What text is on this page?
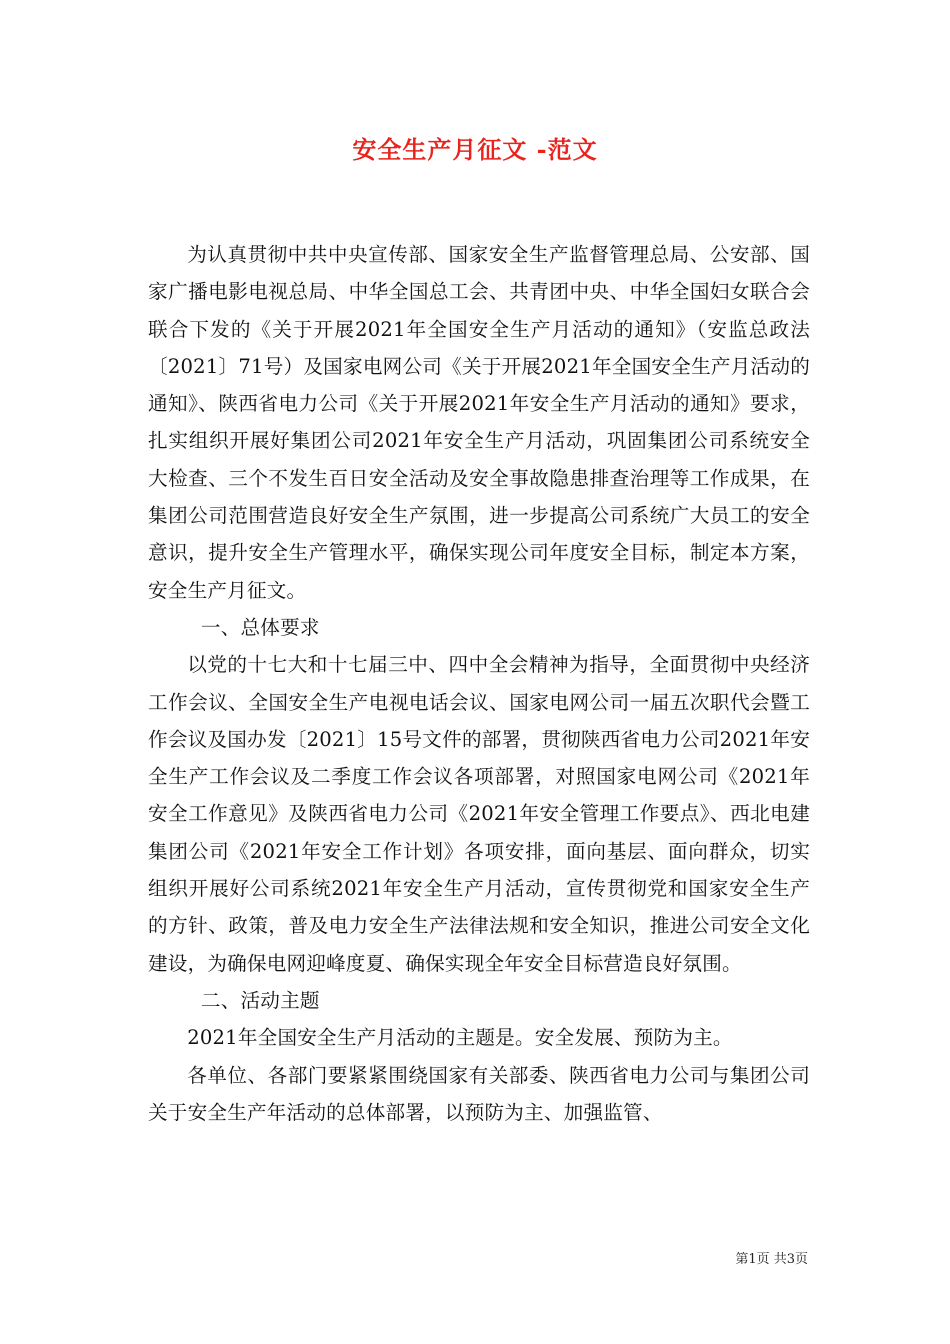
安全生产月征文 -范文

为认真贯彻中共中央宣传部、国家安全生产监督管理总局、公安部、国家广播电影电视总局、中华全国总工会、共青团中央、中华全国妇女联合会联合下发的《关于开展2021年全国安全生产月活动的通知》（安监总政法〔2021〕71号）及国家电网公司《关于开展2021年全国安全生产月活动的通知》、陕西省电力公司《关于开展2021年安全生产月活动的通知》要求，扎实组织开展好集团公司2021年安全生产月活动，巩固集团公司系统安全大检查、三个不发生百日安全活动及安全事故隐患排查治理等工作成果，在集团公司范围营造良好安全生产氛围，进一步提高公司系统广大员工的安全意识，提升安全生产管理水平，确保实现公司年度安全目标，制定本方案，安全生产月征文。

一、总体要求

以党的十七大和十七届三中、四中全会精神为指导，全面贯彻中央经济工作会议、全国安全生产电视电话会议、国家电网公司一届五次职代会暨工作会议及国办发〔2021〕15号文件的部署，贯彻陕西省电力公司2021年安全生产工作会议及二季度工作会议各项部署，对照国家电网公司《2021年安全工作意见》及陕西省电力公司《2021年安全管理工作要点》、西北电建集团公司《2021年安全工作计划》各项安排，面向基层、面向群众，切实组织开展好公司系统2021年安全生产月活动，宣传贯彻党和国家安全生产的方针、政策，普及电力安全生产法律法规和安全知识，推进公司安全文化建设，为确保电网迎峰度夏、确保实现全年安全目标营造良好氛围。

二、活动主题

2021年全国安全生产月活动的主题是。安全发展、预防为主。

各单位、各部门要紧紧围绕国家有关部委、陕西省电力公司与集团公司关于安全生产年活动的总体部署，以预防为主、加强监管、

第1页 共3页
